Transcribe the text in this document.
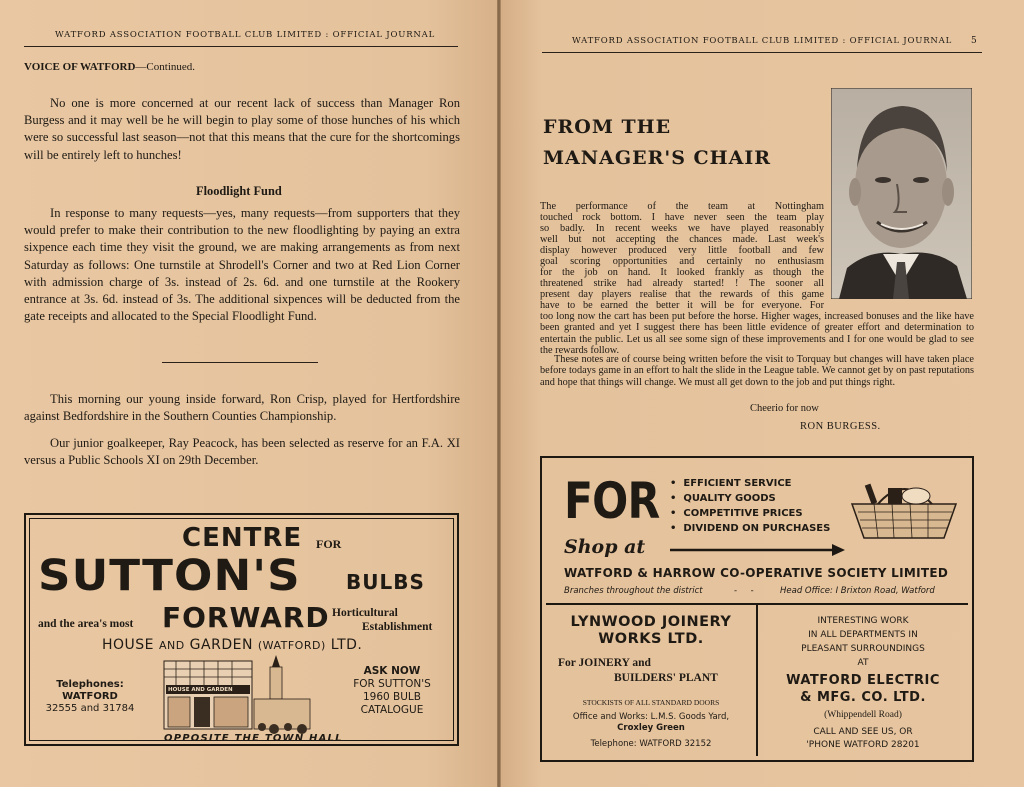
WATFORD ASSOCIATION FOOTBALL CLUB LIMITED : OFFICIAL JOURNAL
VOICE OF WATFORD—Continued.
No one is more concerned at our recent lack of success than Manager Ron Burgess and it may well be he will begin to play some of those hunches of his which were so successful last season—not that this means that the cure for the shortcomings will be entirely left to hunches!
Floodlight Fund
In response to many requests—yes, many requests—from supporters that they would prefer to make their contribution to the new floodlighting by paying an extra sixpence each time they visit the ground, we are making arrangements as from next Saturday as follows: One turnstile at Shrodell's Corner and two at Red Lion Corner with admission charge of 3s. instead of 2s. 6d. and one turnstile at the Rookery entrance at 3s. 6d. instead of 3s. The additional sixpences will be deducted from the gate receipts and allocated to the Special Floodlight Fund.
This morning our young inside forward, Ron Crisp, played for Hertfordshire against Bedfordshire in the Southern Counties Championship.
Our junior goalkeeper, Ray Peacock, has been selected as reserve for an F.A. XI versus a Public Schools XI on 29th December.
CENTRE FOR
SUTTON'S BULBS
and the area's most FORWARD Horticultural
Establishment
HOUSE AND GARDEN (WATFORD) LTD.
Telephones:
WATFORD
32555 and 31784
HOUSE AND GARDEN
ASK NOW
FOR SUTTON'S
1960 BULB
CATALOGUE
OPPOSITE THE TOWN HALL
WATFORD ASSOCIATION FOOTBALL CLUB LIMITED : OFFICIAL JOURNAL 5
FROM THE
MANAGER'S CHAIR
The performance of the team at Nottingham
touched rock bottom. I have never seen the team play
so badly. In recent weeks we have played reasonably
well but not accepting the chances made. Last week's
display however produced very little football and few
goal scoring opportunities and certainly no enthusiasm
for the job on hand. It looked frankly as though the
threatened strike had already started! ! The sooner all
present day players realise that the rewards of this game
have to be earned the better it will be for everyone. For
too long now the cart has been put before the horse. Higher wages, increased bonuses and the like have been granted and yet I suggest there has been little evidence of greater effort and determination to entertain the public. Let us all see some sign of these improvements and I for one would be glad to see the rewards follow.
These notes are of course being written before the visit to Torquay but changes will have taken place before todays game in an effort to halt the slide in the League table. We cannot get by on past reputations and hope that things will change. We must all get down to the job and put things right.
Cheerio for now
RON BURGESS.
FOR •  EFFICIENT SERVICE
•  QUALITY GOODS
•  COMPETITIVE PRICES
•  DIVIDEND ON PURCHASES
Shop at
WATFORD & HARROW CO-OPERATIVE SOCIETY LIMITED
Branches throughout the district	-     -	Head Office: I Brixton Road, Watford
LYNWOOD JOINERY
WORKS LTD.
For JOINERY and
BUILDERS' PLANT
STOCKISTS OF ALL STANDARD DOORS
Office and Works: L.M.S. Goods Yard,
Croxley Green
Telephone: WATFORD 32152
INTERESTING WORK
IN ALL DEPARTMENTS IN
PLEASANT SURROUNDINGS
AT
WATFORD ELECTRIC
& MFG. CO. LTD.
(Whippendell Road)
CALL AND SEE US, OR
'PHONE WATFORD 28201
